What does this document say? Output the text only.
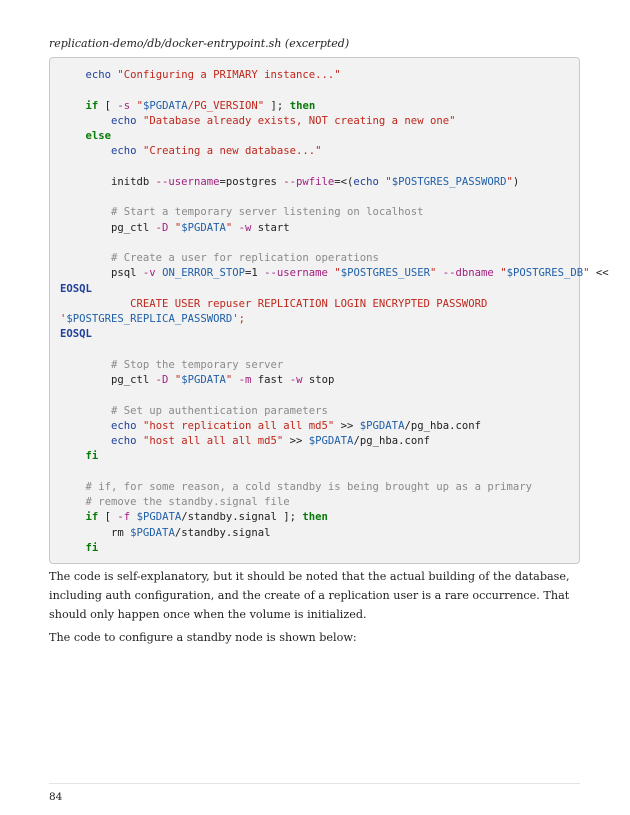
replication-demo/db/docker-entrypoint.sh (excerpted)
echo "Configuring a PRIMARY instance..."
if [ -s "$PGDATA/PG_VERSION" ]; then
echo "Database already exists, NOT creating a new one"
else
echo "Creating a new database..."
initdb --username=postgres --pwfile=<(echo "$POSTGRES_PASSWORD")
# Start a temporary server listening on localhost
pg_ctl -D "$PGDATA" -w start
# Create a user for replication operations
psql -v ON_ERROR_STOP=1 --username "$POSTGRES_USER" --dbname "$POSTGRES_DB" <<
EOSQL
CREATE USER repuser REPLICATION LOGIN ENCRYPTED PASSWORD
'$POSTGRES_REPLICA_PASSWORD';
EOSQL
# Stop the temporary server
pg_ctl -D "$PGDATA" -m fast -w stop
# Set up authentication parameters
echo "host replication all all md5" >> $PGDATA/pg_hba.conf
echo "host all all all md5" >> $PGDATA/pg_hba.conf
fi
# if, for some reason, a cold standby is being brought up as a primary
# remove the standby.signal file
if [ -f $PGDATA/standby.signal ]; then
rm $PGDATA/standby.signal
fi

The code is self-explanatory, but it should be noted that the actual building of the database, including auth configuration, and the create of a replication user is a rare occurrence. That should only happen once when the volume is initialized.

The code to configure a standby node is shown below:

84
